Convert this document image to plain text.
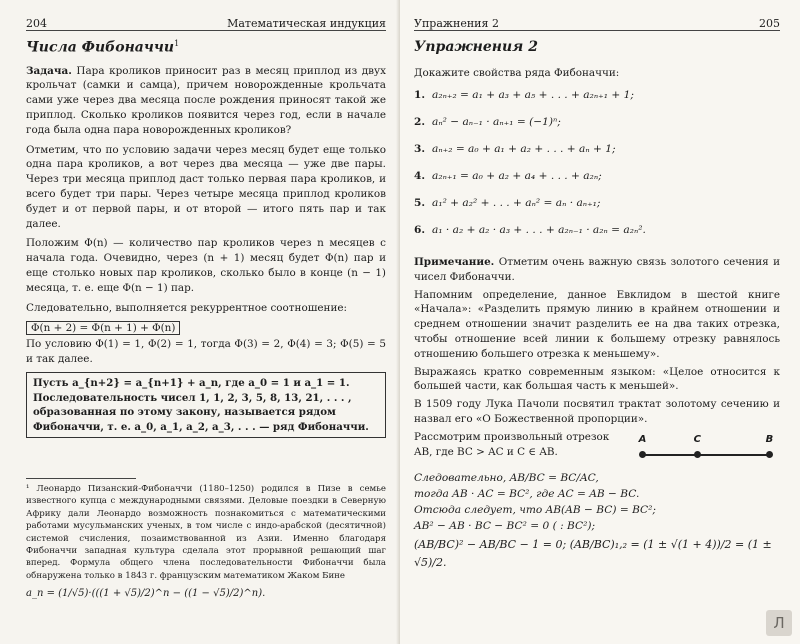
204	Математическая индукция
Числа Фибоначчи$^1$

Задача. Пара кроликов приносит раз в месяц приплод из двух крольчат (самки и самца), причем новорожденные крольчата сами уже через два месяца после рождения приносят такой же приплод. Сколько кроликов появится через год, если в начале года была одна пара новорожденных кроликов?

Отметим, что по условию задачи через месяц будет еще только одна пара кроликов, а вот через два месяца — уже две пары. Через три месяца приплод даст только первая пара кроликов, и всего будет три пары. Через четыре месяца приплод кроликов будет и от первой пары, и от второй — итого пять пар и так далее.

Положим Φ(n) — количество пар кроликов через n месяцев с начала года. Очевидно, через (n + 1) месяц будет Φ(n) пар и еще столько новых пар кроликов, сколько было в конце (n − 1) месяца, т. е. еще Φ(n − 1) пар.

Следовательно, выполняется рекуррентное соотношение:

Φ(n + 2) = Φ(n + 1) + Φ(n)

По условию Φ(1) = 1, Φ(2) = 1, тогда Φ(3) = 2, Φ(4) = 3; Φ(5) = 5 и так далее.

Пусть a_{n+2} = a_{n+1} + a_n, где a_0 = 1 и a_1 = 1. Последовательность чисел 1, 1, 2, 3, 5, 8, 13, 21, . . . , образованная по этому закону, называется рядом Фибоначчи, т. е. a_0, a_1, a_2, a_3, . . . — ряд Фибоначчи.
¹ Леонардо Пизанский-Фибоначчи (1180–1250) родился в Пизе в семье известного купца с международными связями. Деловые поездки в Северную Африку дали Леонардо возможность познакомиться с математическими работами мусульманских ученых, в том числе с индо-арабской (десятичной) системой счисления, позаимствованной из Азии. Именно благодаря Фибоначчи западная культура сделала этот прорывной решающий шаг вперед. Формула общего члена последовательности Фибоначчи была обнаружена только в 1843 г. французским математиком Жаком Бине
a_n = (1/√5)·(((1 + √5)/2)^n − ((1 − √5)/2)^n).
Упражнения 2	205
Упражнения 2
Докажите свойства ряда Фибоначчи:
1. a₂ₙ₊₂ = a₁ + a₃ + a₅ + . . . + a₂ₙ₊₁ + 1;
2. aₙ² − aₙ₋₁ · aₙ₊₁ = (−1)ⁿ;
3. aₙ₊₂ = a₀ + a₁ + a₂ + . . . + aₙ + 1;
4. a₂ₙ₊₁ = a₀ + a₂ + a₄ + . . . + a₂ₙ;
5. a₁² + a₂² + . . . + aₙ² = aₙ · aₙ₊₁;
6. a₁ · a₂ + a₂ · a₃ + . . . + a₂ₙ₋₁ · a₂ₙ = a₂ₙ².

Примечание. Отметим очень важную связь золотого сечения и чисел Фибоначчи.

Напомним определение, данное Евклидом в шестой книге «Начала»: «Разделить прямую линию в крайнем отношении и среднем отношении значит разделить ее на два таких отрезка, чтобы отношение всей линии к большему отрезку равнялось отношению большего отрезка к меньшему».

Выражаясь кратко современным языком: «Целое относится к большей части, как большая часть к меньшей».

В 1509 году Лука Пачоли посвятил трактат золотому сечению и назвал его «О Божественной пропорции».

Рассмотрим произвольный отрезок AB, где BC > AC и C ∈ AB.
A	C	B
Следовательно, AB/BC = BC/AC,
тогда AB · AC = BC², где AC = AB − BC.
Отсюда следует, что AB(AB − BC) = BC²;
AB² − AB · BC − BC² = 0 ( : BC²);
(AB/BC)² − AB/BC − 1 = 0; (AB/BC)₁,₂ = (1 ± √(1 + 4))/2 = (1 ± √5)/2.
Л
